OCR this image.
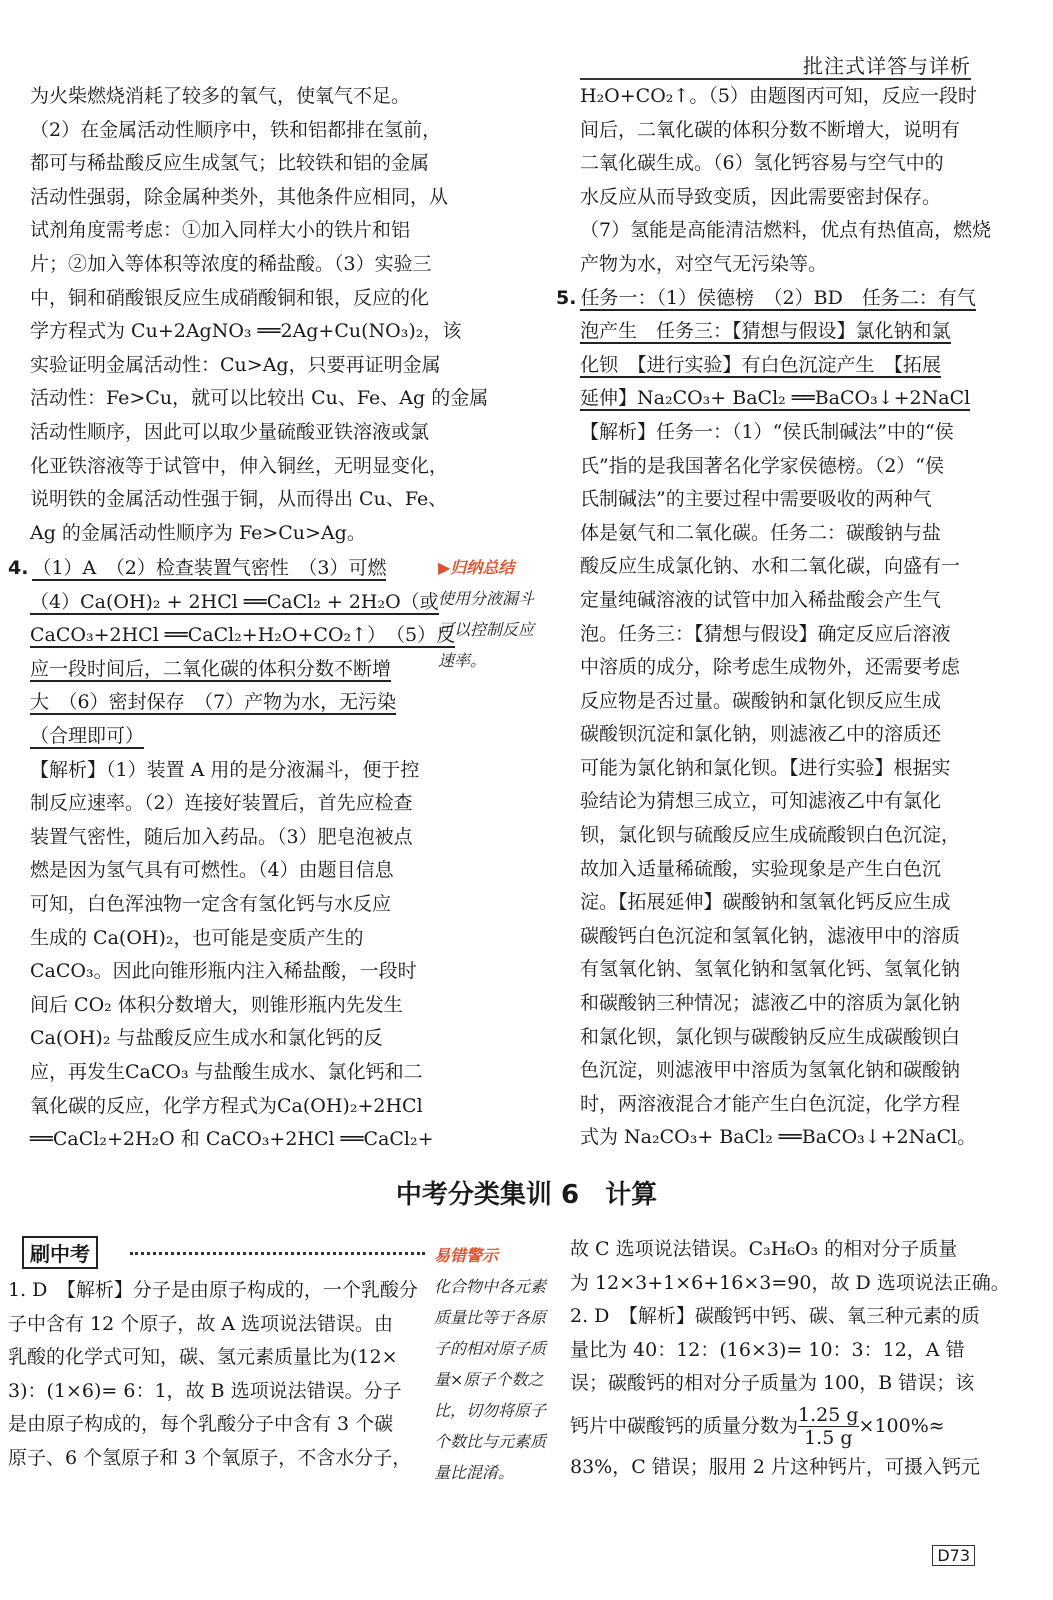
批注式详答与详析

为火柴燃烧消耗了较多的氧气，使氧气不足。

（2）在金属活动性顺序中，铁和铝都排在氢前，

都可与稀盐酸反应生成氢气；比较铁和铝的金属

活动性强弱，除金属种类外，其他条件应相同，从

试剂角度需考虑：①加入同样大小的铁片和铝

片；②加入等体积等浓度的稀盐酸。（3）实验三

中，铜和硝酸银反应生成硝酸铜和银，反应的化

学方程式为 Cu+2AgNO₃ ══2Ag+Cu(NO₃)₂，该

实验证明金属活动性：Cu>Ag，只要再证明金属

活动性：Fe>Cu，就可以比较出 Cu、Fe、Ag 的金属

活动性顺序，因此可以取少量硫酸亚铁溶液或氯

化亚铁溶液等于试管中，伸入铜丝，无明显变化，

说明铁的金属活动性强于铜，从而得出 Cu、Fe、

Ag 的金属活动性顺序为 Fe>Cu>Ag。

4. （1）A　（2）检查装置气密性　（3）可燃

（4）Ca(OH)₂ + 2HCl ══CaCl₂ + 2H₂O（或

CaCO₃+2HCl ══CaCl₂+H₂O+CO₂↑）　（5）反

应一段时间后，二氧化碳的体积分数不断增

大　（6）密封保存　（7）产物为水，无污染

（合理即可）

【解析】（1）装置 A 用的是分液漏斗，便于控

制反应速率。（2）连接好装置后，首先应检查

装置气密性，随后加入药品。（3）肥皂泡被点

燃是因为氢气具有可燃性。（4）由题目信息

可知，白色浑浊物一定含有氢化钙与水反应

生成的 Ca(OH)₂，也可能是变质产生的

CaCO₃。因此向锥形瓶内注入稀盐酸，一段时

间后 CO₂ 体积分数增大，则锥形瓶内先发生

Ca(OH)₂ 与盐酸反应生成水和氯化钙的反

应，再发生CaCO₃ 与盐酸生成水、氯化钙和二

氧化碳的反应，化学方程式为Ca(OH)₂+2HCl

══CaCl₂+2H₂O 和 CaCO₃+2HCl ══CaCl₂+

▶归纳总结
使用分液漏斗
可以控制反应
速率。

H₂O+CO₂↑。（5）由题图丙可知，反应一段时

间后，二氧化碳的体积分数不断增大，说明有

二氧化碳生成。（6）氢化钙容易与空气中的

水反应从而导致变质，因此需要密封保存。

（7）氢能是高能清洁燃料，优点有热值高，燃烧

产物为水，对空气无污染等。

5. 任务一：（1）侯德榜　（2）BD　任务二：有气

泡产生　任务三：【猜想与假设】氯化钠和氯

化钡　【进行实验】有白色沉淀产生　【拓展

延伸】Na₂CO₃+ BaCl₂ ══BaCO₃↓+2NaCl

【解析】任务一：（1）“侯氏制碱法”中的“侯

氏”指的是我国著名化学家侯德榜。（2）“侯

氏制碱法”的主要过程中需要吸收的两种气

体是氨气和二氧化碳。任务二：碳酸钠与盐

酸反应生成氯化钠、水和二氧化碳，向盛有一

定量纯碱溶液的试管中加入稀盐酸会产生气

泡。任务三：【猜想与假设】确定反应后溶液

中溶质的成分，除考虑生成物外，还需要考虑

反应物是否过量。碳酸钠和氯化钡反应生成

碳酸钡沉淀和氯化钠，则滤液乙中的溶质还

可能为氯化钠和氯化钡。【进行实验】根据实

验结论为猜想三成立，可知滤液乙中有氯化

钡，氯化钡与硫酸反应生成硫酸钡白色沉淀，

故加入适量稀硫酸，实验现象是产生白色沉

淀。【拓展延伸】碳酸钠和氢氧化钙反应生成

碳酸钙白色沉淀和氢氧化钠，滤液甲中的溶质

有氢氧化钠、氢氧化钠和氢氧化钙、氢氧化钠

和碳酸钠三种情况；滤液乙中的溶质为氯化钠

和氯化钡，氯化钡与碳酸钠反应生成碳酸钡白

色沉淀，则滤液甲中溶质为氢氧化钠和碳酸钠

时，两溶液混合才能产生白色沉淀，化学方程

式为 Na₂CO₃+ BaCl₂ ══BaCO₃↓+2NaCl。

中考分类集训 6　计算
刷中考	易错警示
化合物中各元素
质量比等于各原
子的相对原子质
量×原子个数之
比，切勿将原子
个数比与元素质
量比混淆。

1. D　【解析】分子是由原子构成的，一个乳酸分

子中含有 12 个原子，故 A 选项说法错误。由

乳酸的化学式可知，碳、氢元素质量比为(12×

3)：(1×6)= 6：1，故 B 选项说法错误。分子

是由原子构成的，每个乳酸分子中含有 3 个碳

原子、6 个氢原子和 3 个氧原子，不含水分子，

故 C 选项说法错误。C₃H₆O₃ 的相对分子质量

为 12×3+1×6+16×3=90，故 D 选项说法正确。

2. D　【解析】碳酸钙中钙、碳、氧三种元素的质

量比为 40：12：(16×3)= 10：3：12，A 错

误；碳酸钙的相对分子质量为 100，B 错误；该

钙片中碳酸钙的质量分数为 $\frac{1.25 g}{1.5 g} \times 100\%\approx$

83%，C 错误；服用 2 片这种钙片，可摄入钙元

D73
